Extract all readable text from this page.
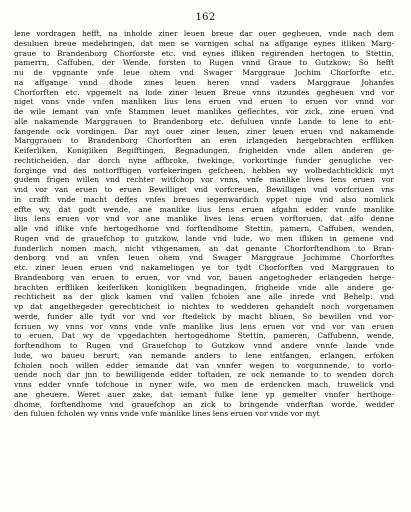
162
lene vordragen hefft, na inholde ziner leuen breue dar ouer gegheuen, vnde nach dem
desuluen breue medebringen, dat men se vornigen schal na affgange eynes itliken Marg-
graue to Brandenborg Chorforste etc. vnd eynes ifliken regirenden hertogen to Stettin,
pamerrn, Caffuben, der Wende, forsten to Rugen vnnd Graue to Gutzkow; So hefft
nu de vpgnante vnfe leue ohem vnd Swager Marggraue Jochim Chorforfte etc.
na affgange vnnd dhode zines leuen heren vnnd vaders Marggraue Johanfes
Chorforften etc. vpgemelt na lude ziner leuen Breue vnns itzundes gegheuen vnd vor
niget vnns vnde vnfen manliken lius lens eruen vnd eruen to eruen vor vnnd vor
de wile iemant van vnfe Stammen leuet manlikes geflechtes, vor zick, zine eruen vnd
alle nakamende Marggrauen to Brandenborg etc. defuluen vnnfe Lande to lene to ent-
fangende ock vordingen. Dar myt ouer ziner leuen, ziner leuen eruen vnd nakamende
Marggrauen to Brandenborg Chorforften an eren irlangeden hergebrachten erffliken
Keiferliken, Konigliken Begifftingen, Begnadungen, frigheiden vnde allen anderen ge-
rechticheiden, dar dorch nyne affbroke, fwekinge, vorkortinge funder genugliche ver-
forginge vnd des nottorfftigen vorfekeringen gefcheen, hebben wy wolbedachticklick myt
gudem frigen willen vnd rechter witfchop vor vnns, vnfe manlike lives lens eruen vor
vnd vor van eruen to eruen Bewilliget vnd vorfcreuen, Bewilligen vnd vorfcriuen vns
in crafft vnde macht deffes vnfes breues iegenwardich vppet nige vnd also nomlick
effte wy, dat godt wende, ane manlike lius lens eruen afgahn edder vnnfe manlike
lius lens eruen vor vnd vor ane manlike lives lens eruen vorftoruen, dat alfo denne
alle vnd iflike vnfe hertogedhome vnd forftendhome Stettin, pamern, Caffuben, wenden,
Rugen vnd de grauefchop to gutzkow, lande vnd lude, wo men ifliken in gemene vnd
funderlich nomen mach, nicht vthgenamen, an dat genante Chorforftendhom to Bran-
denborg vnd an vnfen leuen ohem vnd Swager Marggraue Jochimme Chorforftes
etc. ziner leuen eruen vnd nakamelingen ye tor tydt Chorforften vnd Marggrauen to
Brandenborg van eruen to eruen, vor vnd vor, bauen angetogheder erlangeden herge-
brachten erffliken keiferliken konigliken begnadingen, frigheide vnde alle andere ge-
rechticheit na der glick kamen vnd vallen fcholen ane alle inrede vnd Behelp: vnd
vp dat angethegeder gerechticheit io nichtes to wedderen gehandelt noch vorgenamen
werde, funder alle tydt vor vnd vor ftedelick by macht bliuen, So bewillen vnd vor-
fcriuen wy vnns vor vnns vnde vnfe manlike lius lens eruen vor vnd vor van eruen
to eruen, Dat wy de vpgedachten hertogedhome Stettin, pameren, Caffubenn, wende,
forftendhom to Rugen vnd Grauefchop to Gutzkow vnnd andere vnnfe lande vnde
lude, wo baueu berurt, van nemande anders to lene entfangen, erlangen, erfoken
fcholen noch willen edder iemande dat van vnnfer wegen to vorgunnende, to vorlo-
uende noch dar jnn to bewilligende edder toftaden, ze ock nemande to to wenden dorch
vnns edder vnnfe tofchoue in nyner wife, wo men de erdencken mach, truwelick vnd
ane gheuere. Weret auer zake, dat iemant fulke lene yp gemelter vnnfer herthoge-
dhome, forftendhome vnd grauefchop an zick to bringende vnderftan worde, wedder
den fuluen fcholen wy vnns vnde vnfe manlike lines lens eruen vor vnde vor myt
